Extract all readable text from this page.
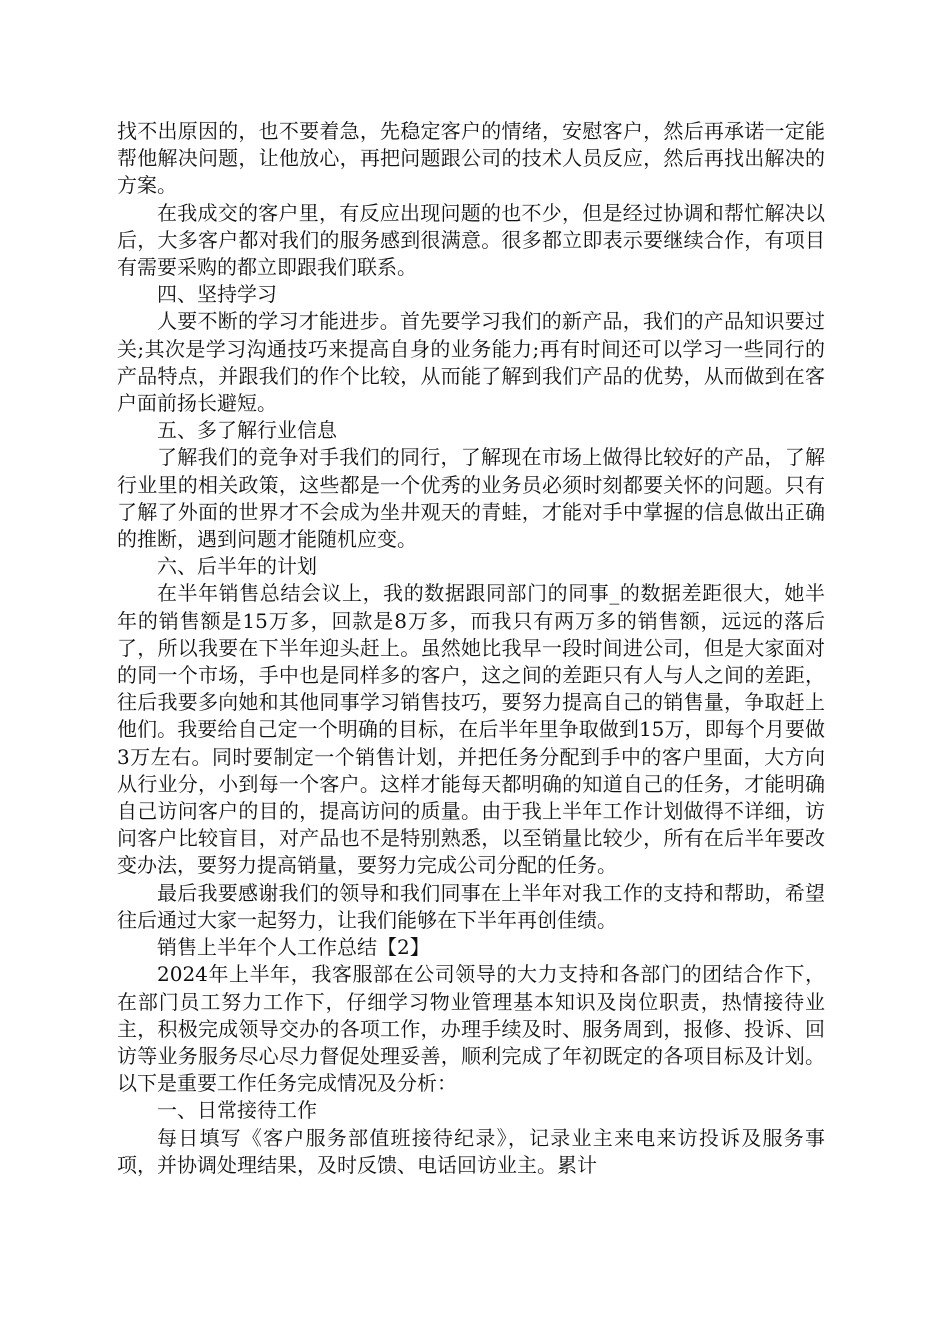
找不出原因的，也不要着急，先稳定客户的情绪，安慰客户，然后再承诺一定能帮他解决问题，让他放心，再把问题跟公司的技术人员反应，然后再找出解决的方案。

在我成交的客户里，有反应出现问题的也不少，但是经过协调和帮忙解决以后，大多客户都对我们的服务感到很满意。很多都立即表示要继续合作，有项目有需要采购的都立即跟我们联系。

四、坚持学习

人要不断的学习才能进步。首先要学习我们的新产品，我们的产品知识要过关;其次是学习沟通技巧来提高自身的业务能力;再有时间还可以学习一些同行的产品特点，并跟我们的作个比较，从而能了解到我们产品的优势，从而做到在客户面前扬长避短。

五、多了解行业信息

了解我们的竞争对手我们的同行，了解现在市场上做得比较好的产品，了解行业里的相关政策，这些都是一个优秀的业务员必须时刻都要关怀的问题。只有了解了外面的世界才不会成为坐井观天的青蛙，才能对手中掌握的信息做出正确的推断，遇到问题才能随机应变。

六、后半年的计划

在半年销售总结会议上，我的数据跟同部门的同事_的数据差距很大，她半年的销售额是15万多，回款是8万多，而我只有两万多的销售额，远远的落后了，所以我要在下半年迎头赶上。虽然她比我早一段时间进公司，但是大家面对的同一个市场，手中也是同样多的客户，这之间的差距只有人与人之间的差距，往后我要多向她和其他同事学习销售技巧，要努力提高自己的销售量，争取赶上他们。我要给自己定一个明确的目标，在后半年里争取做到15万，即每个月要做3万左右。同时要制定一个销售计划，并把任务分配到手中的客户里面，大方向从行业分，小到每一个客户。这样才能每天都明确的知道自己的任务，才能明确自己访问客户的目的，提高访问的质量。由于我上半年工作计划做得不详细，访问客户比较盲目，对产品也不是特别熟悉，以至销量比较少，所有在后半年要改变办法，要努力提高销量，要努力完成公司分配的任务。

最后我要感谢我们的领导和我们同事在上半年对我工作的支持和帮助，希望往后通过大家一起努力，让我们能够在下半年再创佳绩。

销售上半年个人工作总结【2】

2024年上半年，我客服部在公司领导的大力支持和各部门的团结合作下，在部门员工努力工作下，仔细学习物业管理基本知识及岗位职责，热情接待业主，积极完成领导交办的各项工作，办理手续及时、服务周到，报修、投诉、回访等业务服务尽心尽力督促处理妥善，顺利完成了年初既定的各项目标及计划。以下是重要工作任务完成情况及分析：

一、日常接待工作

每日填写《客户服务部值班接待纪录》，记录业主来电来访投诉及服务事项，并协调处理结果，及时反馈、电话回访业主。累计
